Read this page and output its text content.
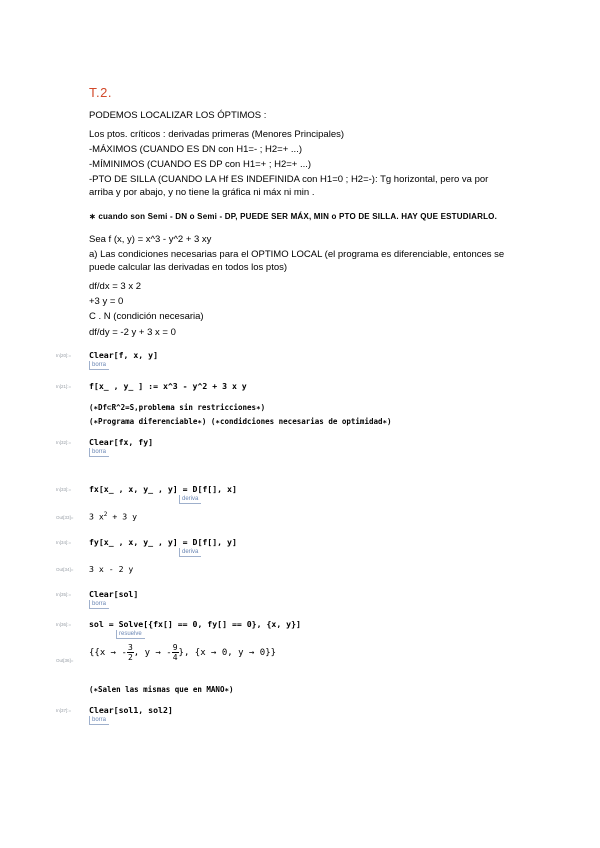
T.2.
PODEMOS LOCALIZAR LOS ÓPTIMOS :
Los ptos. críticos : derivadas primeras (Menores Principales)
-MÁXIMOS (CUANDO ES DN con H1=- ; H2=+ ...)
-MÍMINIMOS (CUANDO ES DP con H1=+ ; H2=+ ...)
-PTO DE SILLA (CUANDO LA Hf ES INDEFINIDA con H1=0 ; H2=-): Tg horizontal, pero va por arriba y por abajo, y no tiene la gráfica ni máx ni min .
∗ cuando son Semi - DN o Semi - DP, PUEDE SER MÁX, MIN o PTO DE SILLA. HAY QUE ESTUDIARLO.
Sea f (x, y) = x^3 - y^2 + 3 xy
a) Las condiciones necesarias para el OPTIMO LOCAL (el programa es diferenciable, entonces se puede calcular las derivadas en todos los ptos)
df/dx = 3 x 2
+3 y = 0
C . N (condición necesaria)
df/dy = -2 y + 3 x = 0
In[20]:= Clear[f, x, y]
borra
In[21]:= f[x_ , y_ ] := x^3 - y^2 + 3 x y
(∗Df⊂R^2=S,problema sin restricciones∗)
(∗Programa diferenciable∗) (∗condidciones necesarias de optimidad∗)
In[32]:= Clear[fx, fy]
borra
In[33]:= fx[x_ , x, y_ , y] = D[f[], x]
deriva
Out[33]= 3 $x^2 + 3$ y
In[34]:= fy[x_ , x, y_ , y] = D[f[], y]
deriva
Out[34]= 3 x - 2 y
In[35]:= Clear[sol]
borra
In[36]:= sol = Solve[{fx[] == 0, fy[] == 0}, {x, y}]
resuelve
Out[36]=
{{x → - $\frac{3}{2}$ , y → - $\frac{9}{4}$ }, {x → 0, y → 0}}
(∗Salen las mismas que en MANO∗)
In[37]:= Clear[sol1, sol2]
borra
